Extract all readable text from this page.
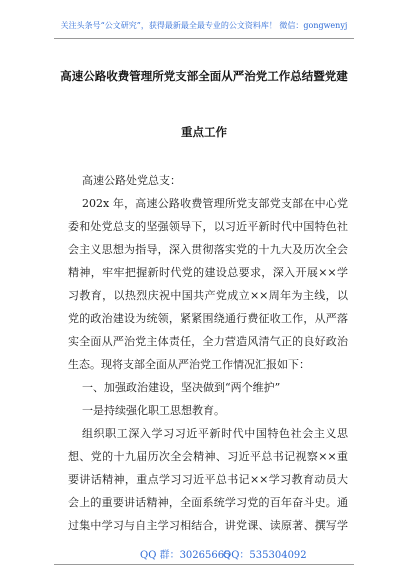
关注头条号“公文研究”，获得最新最全最专业的公文资料库！ 微信：gongwenyj
高速公路收费管理所党支部全面从严治党工作总结暨党建
重点工作
高速公路处党总支：
202x 年，高速公路收费管理所党支部党支部在中心党
委和处党总支的坚强领导下，以习近平新时代中国特色社
会主义思想为指导，深入贯彻落实党的十九大及历次全会
精神，牢牢把握新时代党的建设总要求，深入开展××学
习教育，以热烈庆祝中国共产党成立××周年为主线，以
党的政治建设为统领，紧紧围绕通行费征收工作，从严落
实全面从严治党主体责任，全力营造风清气正的良好政治
生态。现将支部全面从严治党工作情况汇报如下：
一、加强政治建设，坚决做到“两个维护”
一是持续强化职工思想教育。
组织职工深入学习习近平新时代中国特色社会主义思
想、党的十九届历次全会精神、习近平总书记视察××重
要讲话精神，重点学习习近平总书记××学习教育动员大
会上的重要讲话精神，全面系统学习党的百年奋斗史。通
过集中学习与自主学习相结合，讲党课、读原著、撰写学
QQ 群：30265665
QQ：535304092
